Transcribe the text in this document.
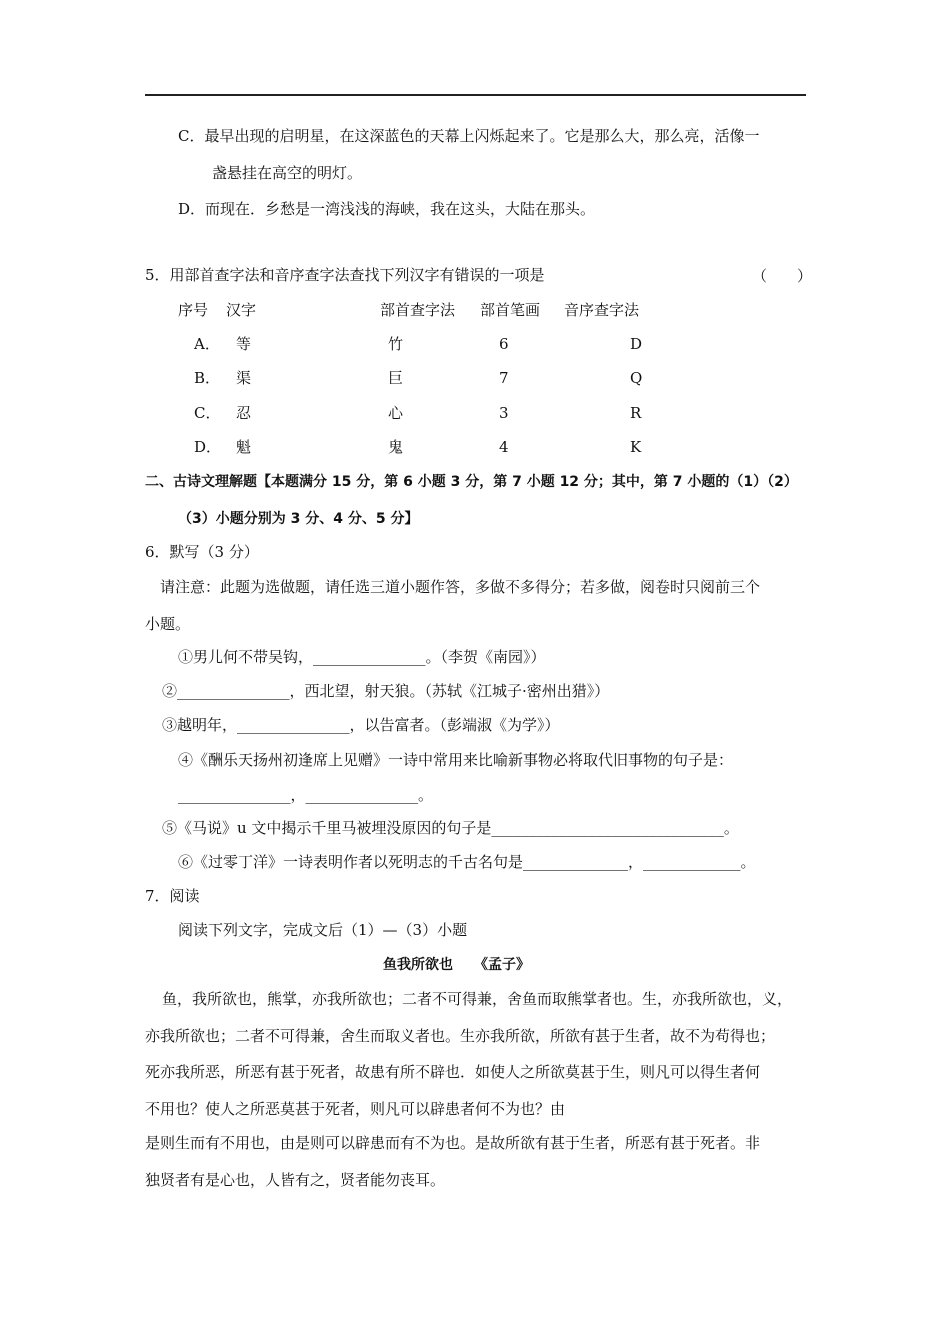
C．最早出现的启明星，在这深蓝色的天幕上闪烁起来了。它是那么大，那么亮，活像一
盏悬挂在高空的明灯。
D．而现在．乡愁是一湾浅浅的海峡，我在这头，大陆在那头。
5．用部首查字法和音序查字法查找下列汉字有错误的一项是	（　　）
序号 汉字	部首查字法 部首笔画 音序查字法
A． 等	竹	6	D
B． 渠	巨	7	Q
C． 忍	心	3	R
D． 魁	鬼	4	K
二、古诗文理解题【本题满分 15 分，第 6 小题 3 分，第 7 小题 12 分；其中，第 7 小题的（1）（2）
（3）小题分别为 3 分、4 分、5 分】
6．默写（3 分）
请注意：此题为选做题，请任选三道小题作答，多做不多得分；若多做，阅卷时只阅前三个
小题。
①男儿何不带吴钩，_______________。（李贺《南园》）
②_______________，西北望，射天狼。（苏轼《江城子·密州出猎》）
③越明年，_______________，以告富者。（彭端淑《为学》）
④《酬乐天扬州初逢席上见赠》一诗中常用来比喻新事物必将取代旧事物的句子是：
_______________，_______________。
⑤《马说》u 文中揭示千里马被埋没原因的句子是_______________________________。
⑥《过零丁洋》一诗表明作者以死明志的千古名句是______________，_____________。
7．阅读
阅读下列文字，完成文后（1）—（3）小题
鱼我所欲也　　《孟子》
鱼，我所欲也，熊掌，亦我所欲也；二者不可得兼，舍鱼而取熊掌者也。生，亦我所欲也，义，
亦我所欲也；二者不可得兼，舍生而取义者也。生亦我所欲，所欲有甚于生者，故不为苟得也；
死亦我所恶，所恶有甚于死者，故患有所不辟也．如使人之所欲莫甚于生，则凡可以得生者何
不用也？使人之所恶莫甚于死者，则凡可以辟患者何不为也？由
是则生而有不用也，由是则可以辟患而有不为也。是故所欲有甚于生者，所恶有甚于死者。非
独贤者有是心也，人皆有之，贤者能勿丧耳。
